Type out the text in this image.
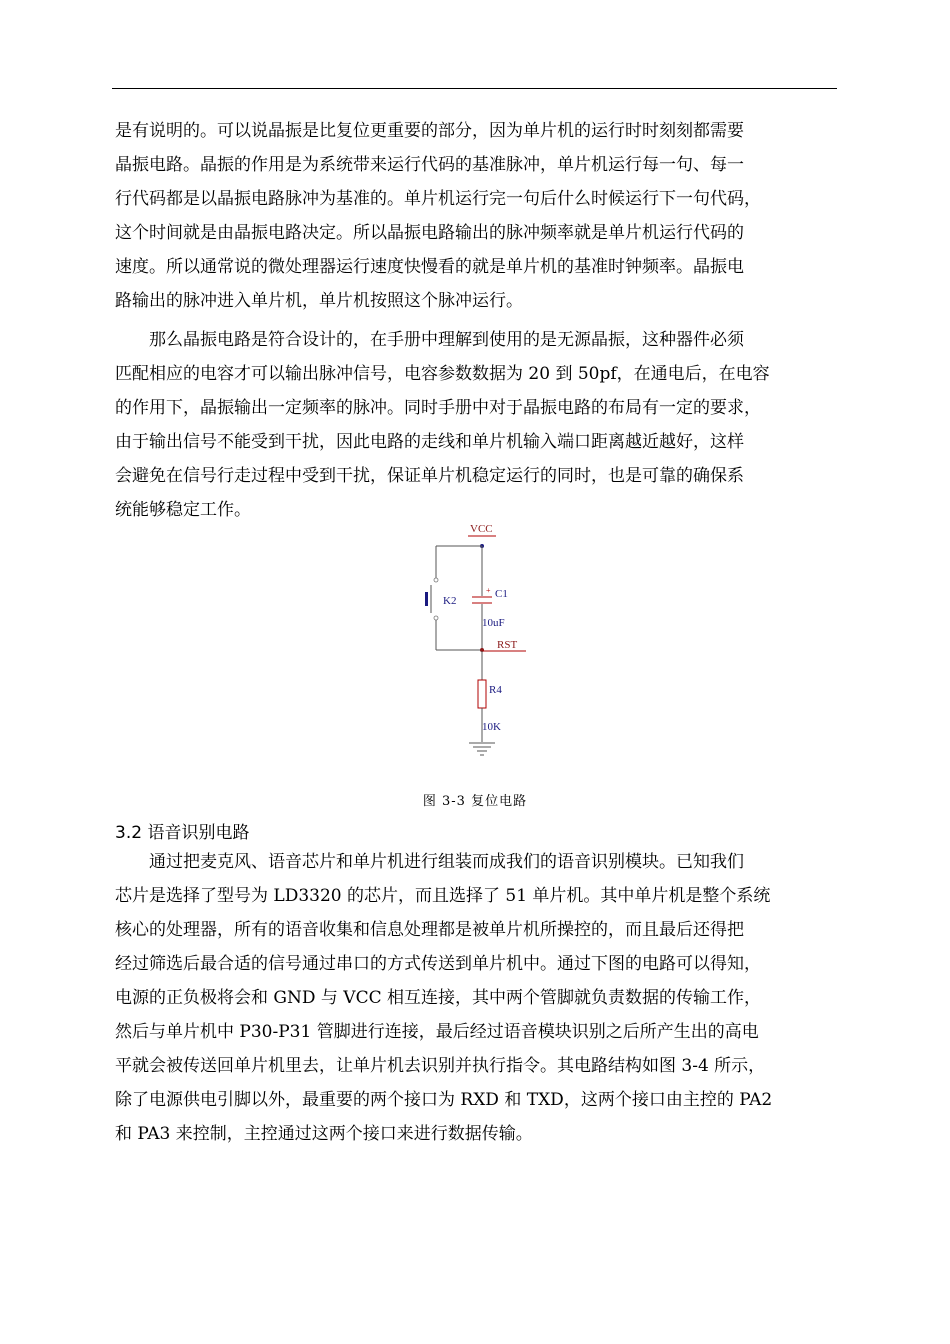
是有说明的。可以说晶振是比复位更重要的部分，因为单片机的运行时时刻刻都需要
晶振电路。晶振的作用是为系统带来运行代码的基准脉冲，单片机运行每一句、每一
行代码都是以晶振电路脉冲为基准的。单片机运行完一句后什么时候运行下一句代码，
这个时间就是由晶振电路决定。所以晶振电路输出的脉冲频率就是单片机运行代码的
速度。所以通常说的微处理器运行速度快慢看的就是单片机的基准时钟频率。晶振电
路输出的脉冲进入单片机，单片机按照这个脉冲运行。
　　那么晶振电路是符合设计的，在手册中理解到使用的是无源晶振，这种器件必须
匹配相应的电容才可以输出脉冲信号，电容参数数据为 20 到 50pf，在通电后，在电容
的作用下，晶振输出一定频率的脉冲。同时手册中对于晶振电路的布局有一定的要求，
由于输出信号不能受到干扰，因此电路的走线和单片机输入端口距离越近越好，这样
会避免在信号行走过程中受到干扰，保证单片机稳定运行的同时，也是可靠的确保系
统能够稳定工作。
VCC
K2
+ C1
10uF
RST
R4
10K
图 3-3 复位电路
3.2 语音识别电路
　　通过把麦克风、语音芯片和单片机进行组装而成我们的语音识别模块。已知我们
芯片是选择了型号为 LD3320 的芯片，而且选择了 51 单片机。其中单片机是整个系统
核心的处理器，所有的语音收集和信息处理都是被单片机所操控的，而且最后还得把
经过筛选后最合适的信号通过串口的方式传送到单片机中。通过下图的电路可以得知，
电源的正负极将会和 GND 与 VCC 相互连接，其中两个管脚就负责数据的传输工作，
然后与单片机中 P30-P31 管脚进行连接，最后经过语音模块识别之后所产生出的高电
平就会被传送回单片机里去，让单片机去识别并执行指令。其电路结构如图 3-4 所示，
除了电源供电引脚以外，最重要的两个接口为 RXD 和 TXD，这两个接口由主控的 PA2
和 PA3 来控制，主控通过这两个接口来进行数据传输。
